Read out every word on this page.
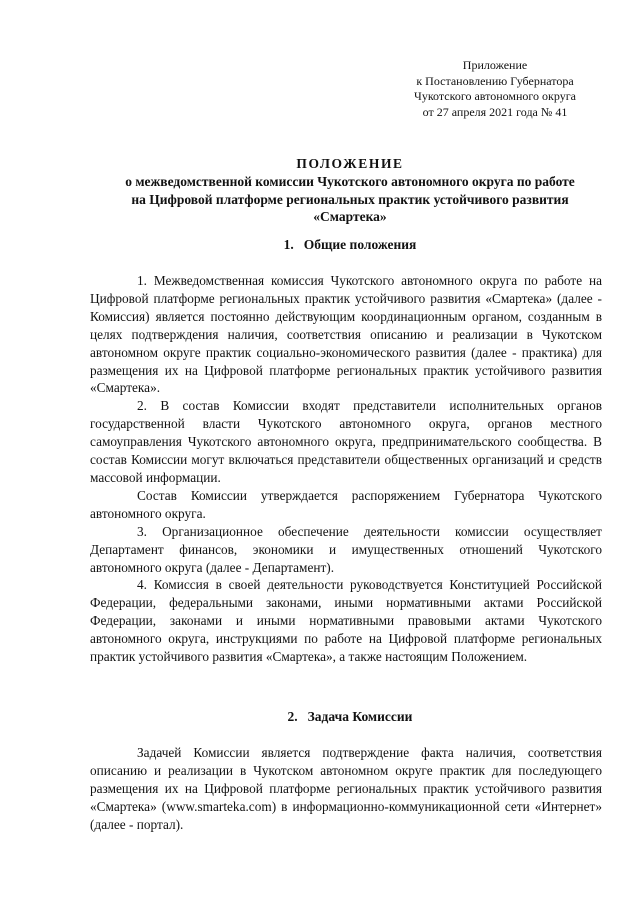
Приложение
к Постановлению Губернатора
Чукотского автономного округа
от 27 апреля 2021 года № 41
ПОЛОЖЕНИЕ
о межведомственной комиссии Чукотского автономного округа по работе
на Цифровой платформе региональных практик устойчивого развития
«Смартека»
1. Общие положения

1. Межведомственная комиссия Чукотского автономного округа по работе на Цифровой платформе региональных практик устойчивого развития «Смартека» (далее - Комиссия) является постоянно действующим координационным органом, созданным в целях подтверждения наличия, соответствия описанию и реализации в Чукотском автономном округе практик социально-экономического развития (далее - практика) для размещения их на Цифровой платформе региональных практик устойчивого развития «Смартека».

2. В состав Комиссии входят представители исполнительных органов государственной власти Чукотского автономного округа, органов местного самоуправления Чукотского автономного округа, предпринимательского сообщества. В состав Комиссии могут включаться представители общественных организаций и средств массовой информации.

Состав Комиссии утверждается распоряжением Губернатора Чукотского автономного округа.

3. Организационное обеспечение деятельности комиссии осуществляет Департамент финансов, экономики и имущественных отношений Чукотского автономного округа (далее - Департамент).

4. Комиссия в своей деятельности руководствуется Конституцией Российской Федерации, федеральными законами, иными нормативными актами Российской Федерации, законами и иными нормативными правовыми актами Чукотского автономного округа, инструкциями по работе на Цифровой платформе региональных практик устойчивого развития «Смартека», а также настоящим Положением.

2. Задача Комиссии

Задачей Комиссии является подтверждение факта наличия, соответствия описанию и реализации в Чукотском автономном округе практик для последующего размещения их на Цифровой платформе региональных практик устойчивого развития «Смартека» (www.smarteka.com) в информационно-коммуникационной сети «Интернет» (далее - портал).
